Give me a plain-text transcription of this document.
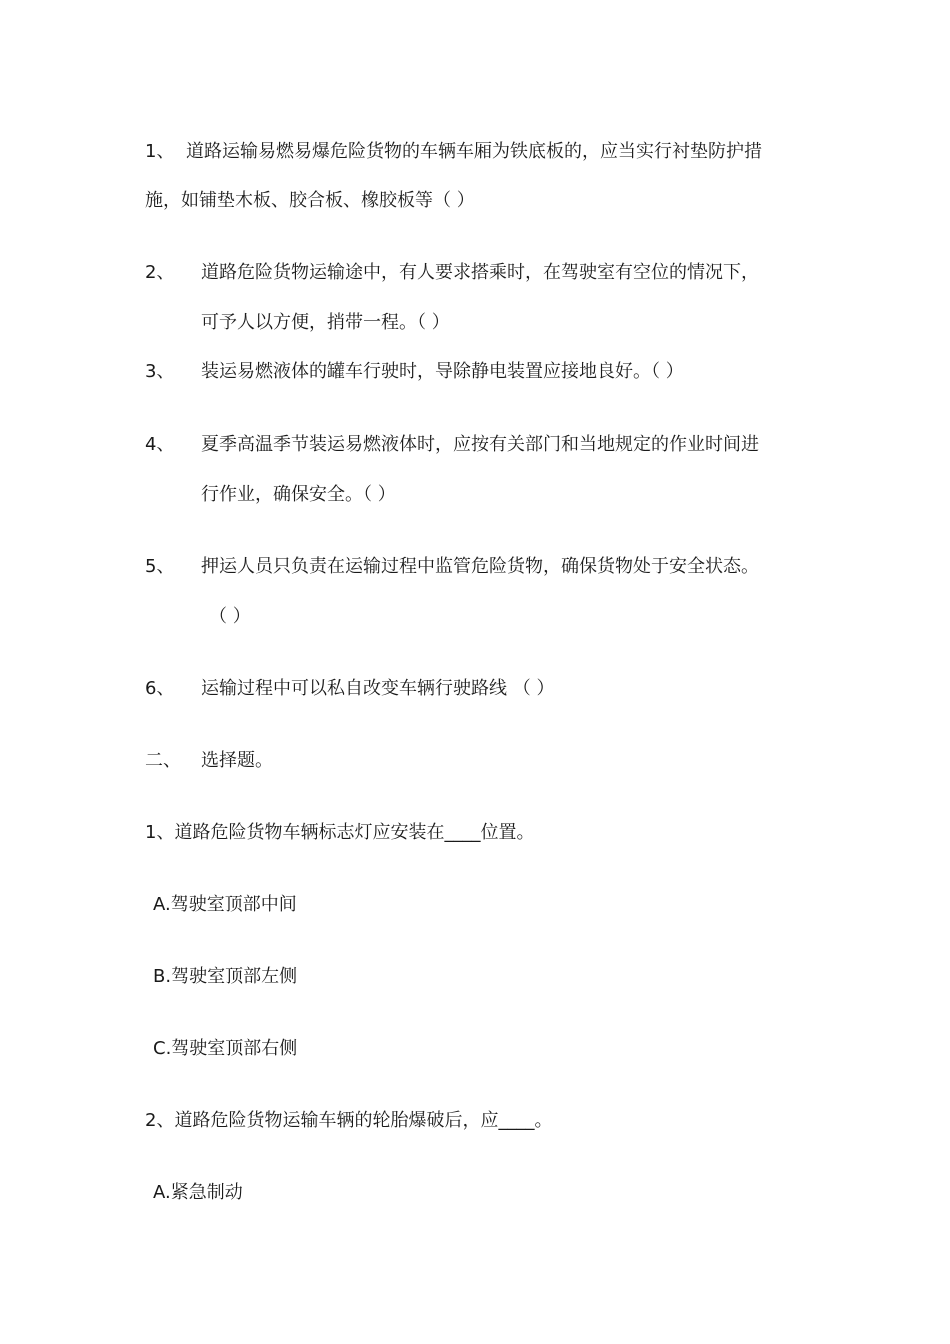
1、 道路运输易燃易爆危险货物的车辆车厢为铁底板的，应当实行衬垫防护措
施，如铺垫木板、胶合板、橡胶板等（ ）
2、 道路危险货物运输途中，有人要求搭乘时，在驾驶室有空位的情况下，
可予人以方便，捎带一程。（ ）
3、 装运易燃液体的罐车行驶时，导除静电装置应接地良好。（ ）
4、 夏季高温季节装运易燃液体时，应按有关部门和当地规定的作业时间进
行作业，确保安全。（ ）
5、 押运人员只负责在运输过程中监管危险货物，确保货物处于安全状态。
（ ）
6、 运输过程中可以私自改变车辆行驶路线 （ ）
二、 选择题。
1、道路危险货物车辆标志灯应安装在____位置。
A.驾驶室顶部中间
B.驾驶室顶部左侧
C.驾驶室顶部右侧
2、道路危险货物运输车辆的轮胎爆破后，应____。
A.紧急制动
